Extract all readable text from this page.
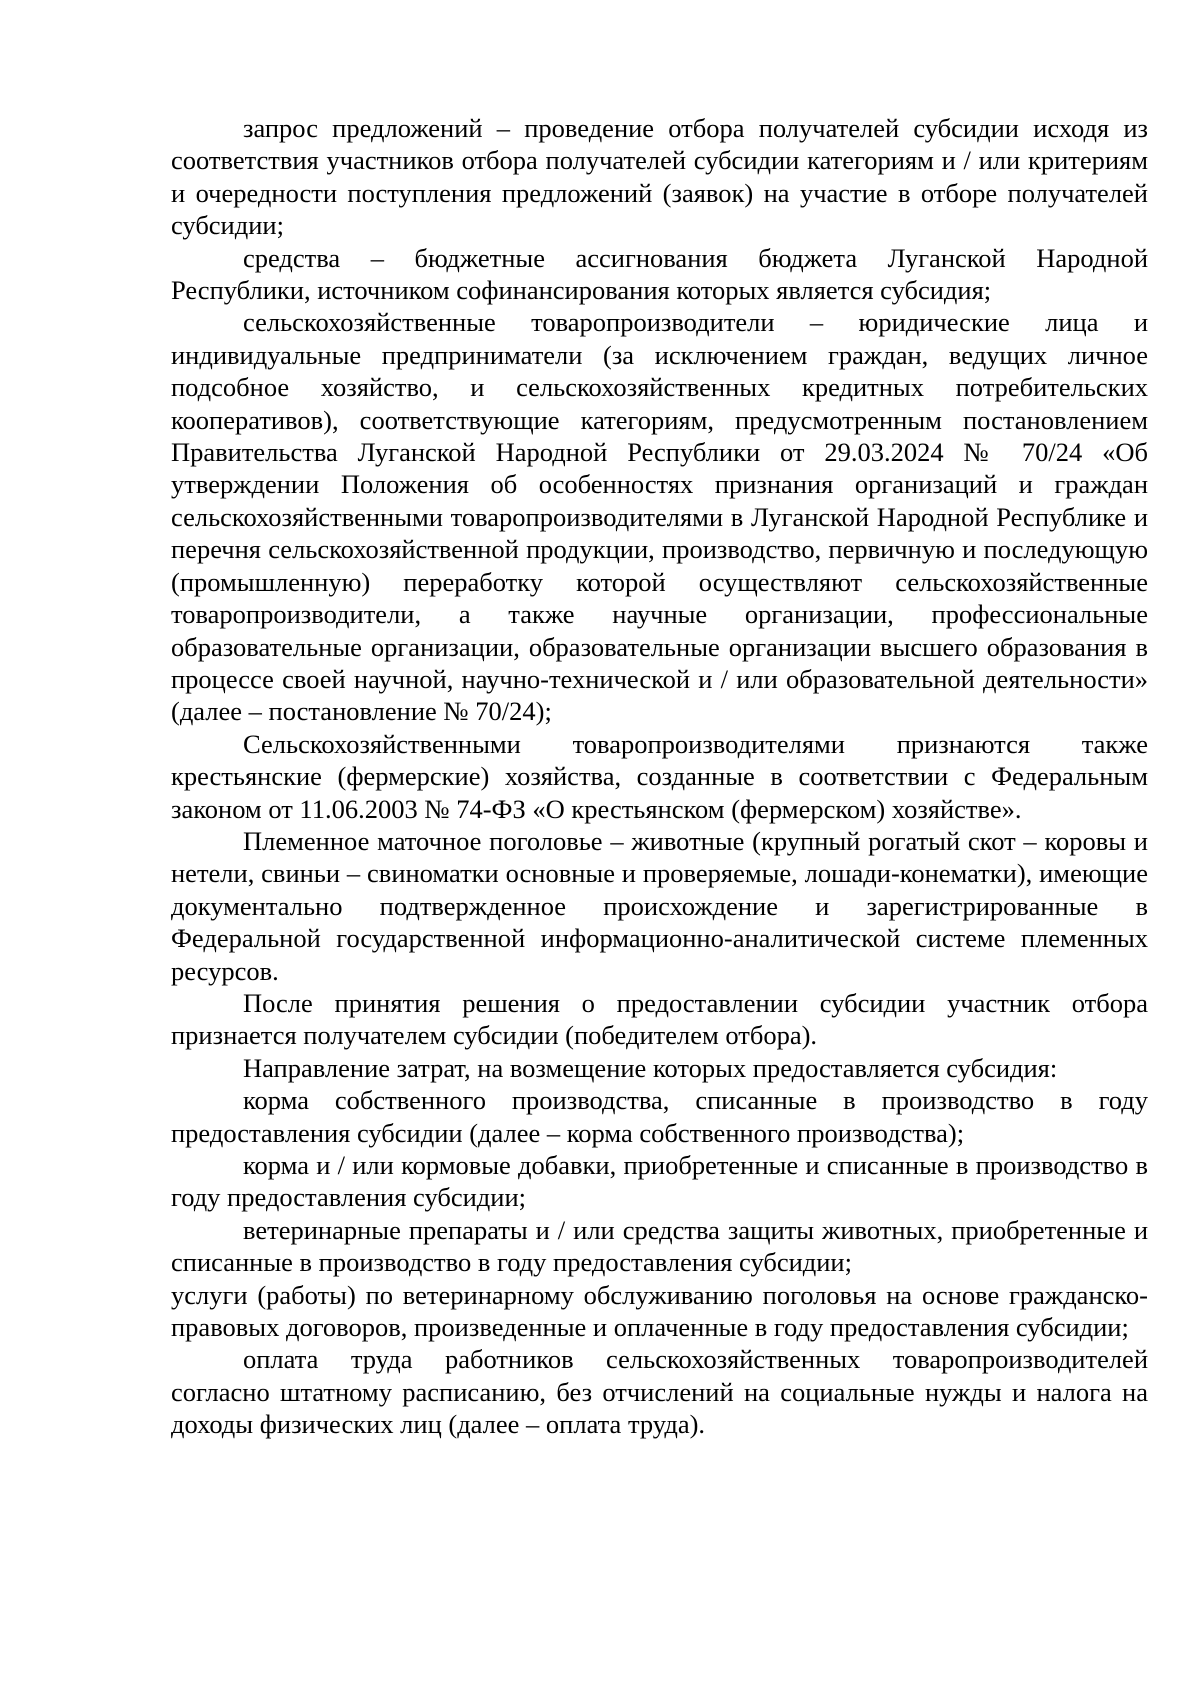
запрос предложений – проведение отбора получателей субсидии исходя из соответствия участников отбора получателей субсидии категориям и / или критериям и очередности поступления предложений (заявок) на участие в отборе получателей субсидии;

средства – бюджетные ассигнования бюджета Луганской Народной Республики, источником софинансирования которых является субсидия;

сельскохозяйственные товаропроизводители – юридические лица и индивидуальные предприниматели (за исключением граждан, ведущих личное подсобное хозяйство, и сельскохозяйственных кредитных потребительских кооперативов), соответствующие категориям, предусмотренным постановлением Правительства Луганской Народной Республики от 29.03.2024 № 70/24 «Об утверждении Положения об особенностях признания организаций и граждан сельскохозяйственными товаропроизводителями в Луганской Народной Республике и перечня сельскохозяйственной продукции, производство, первичную и последующую (промышленную) переработку которой осуществляют сельскохозяйственные товаропроизводители, а также научные организации, профессиональные образовательные организации, образовательные организации высшего образования в процессе своей научной, научно-технической и / или образовательной деятельности» (далее – постановление № 70/24);

Сельскохозяйственными товаропроизводителями признаются также крестьянские (фермерские) хозяйства, созданные в соответствии с Федеральным законом от 11.06.2003 № 74-ФЗ «О крестьянском (фермерском) хозяйстве».

Племенное маточное поголовье – животные (крупный рогатый скот – коровы и нетели, свиньи – свиноматки основные и проверяемые, лошади-конематки), имеющие документально подтвержденное происхождение и зарегистрированные в Федеральной государственной информационно-аналитической системе племенных ресурсов.

После принятия решения о предоставлении субсидии участник отбора признается получателем субсидии (победителем отбора).

Направление затрат, на возмещение которых предоставляется субсидия:

корма собственного производства, списанные в производство в году предоставления субсидии (далее – корма собственного производства);

корма и / или кормовые добавки, приобретенные и списанные в производство в году предоставления субсидии;

ветеринарные препараты и / или средства защиты животных, приобретенные и списанные в производство в году предоставления субсидии;

услуги (работы) по ветеринарному обслуживанию поголовья на основе гражданско-правовых договоров, произведенные и оплаченные в году предоставления субсидии;

оплата труда работников сельскохозяйственных товаропроизводителей согласно штатному расписанию, без отчислений на социальные нужды и налога на доходы физических лиц (далее – оплата труда).
